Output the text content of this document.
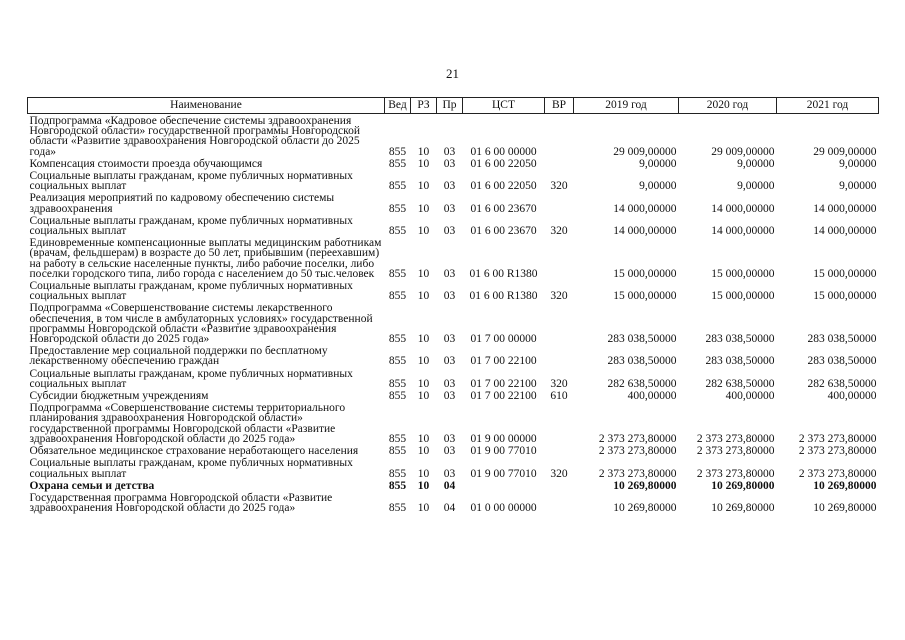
21
Наименование	Вед	РЗ	Пр	ЦСТ	ВР	2019 год	2020 год	2021 год
Подпрограмма «Кадровое обеспечение системы здравоохранения Новгородской области» государственной программы Новгородской области «Развитие здравоохранения Новгородской области до 2025 года»	855	10	03	01 6 00 00000		29 009,00000	29 009,00000	29 009,00000
Компенсация стоимости проезда обучающимся	855	10	03	01 6 00 22050		9,00000	9,00000	9,00000
Социальные выплаты гражданам, кроме публичных нормативных социальных выплат	855	10	03	01 6 00 22050	320	9,00000	9,00000	9,00000
Реализация мероприятий по кадровому обеспечению системы здравоохранения	855	10	03	01 6 00 23670		14 000,00000	14 000,00000	14 000,00000
Социальные выплаты гражданам, кроме публичных нормативных социальных выплат	855	10	03	01 6 00 23670	320	14 000,00000	14 000,00000	14 000,00000
Единовременные компенсационные выплаты медицинским работникам (врачам, фельдшерам) в возрасте до 50 лет, прибывшим (переехавшим) на работу в сельские населенные пункты, либо рабочие поселки, либо поселки городского типа, либо города с населением до 50 тыс.человек	855	10	03	01 6 00 R1380		15 000,00000	15 000,00000	15 000,00000
Социальные выплаты гражданам, кроме публичных нормативных социальных выплат	855	10	03	01 6 00 R1380	320	15 000,00000	15 000,00000	15 000,00000
Подпрограмма «Совершенствование системы лекарственного обеспечения, в том числе в амбулаторных условиях» государственной программы Новгородской области «Развитие здравоохранения Новгородской области до 2025 года»	855	10	03	01 7 00 00000		283 038,50000	283 038,50000	283 038,50000
Предоставление мер социальной поддержки по бесплатному лекарственному обеспечению граждан	855	10	03	01 7 00 22100		283 038,50000	283 038,50000	283 038,50000
Социальные выплаты гражданам, кроме публичных нормативных социальных выплат	855	10	03	01 7 00 22100	320	282 638,50000	282 638,50000	282 638,50000
Субсидии бюджетным учреждениям	855	10	03	01 7 00 22100	610	400,00000	400,00000	400,00000
Подпрограмма «Совершенствование системы территориального планирования здравоохранения Новгородской области» государственной программы Новгородской области «Развитие здравоохранения Новгородской области до 2025 года»	855	10	03	01 9 00 00000		2 373 273,80000	2 373 273,80000	2 373 273,80000
Обязательное медицинское страхование неработающего населения	855	10	03	01 9 00 77010		2 373 273,80000	2 373 273,80000	2 373 273,80000
Социальные выплаты гражданам, кроме публичных нормативных социальных выплат	855	10	03	01 9 00 77010	320	2 373 273,80000	2 373 273,80000	2 373 273,80000
Охрана семьи и детства	855	10	04			10 269,80000	10 269,80000	10 269,80000
Государственная программа Новгородской области «Развитие здравоохранения Новгородской области до 2025 года»	855	10	04	01 0 00 00000		10 269,80000	10 269,80000	10 269,80000
